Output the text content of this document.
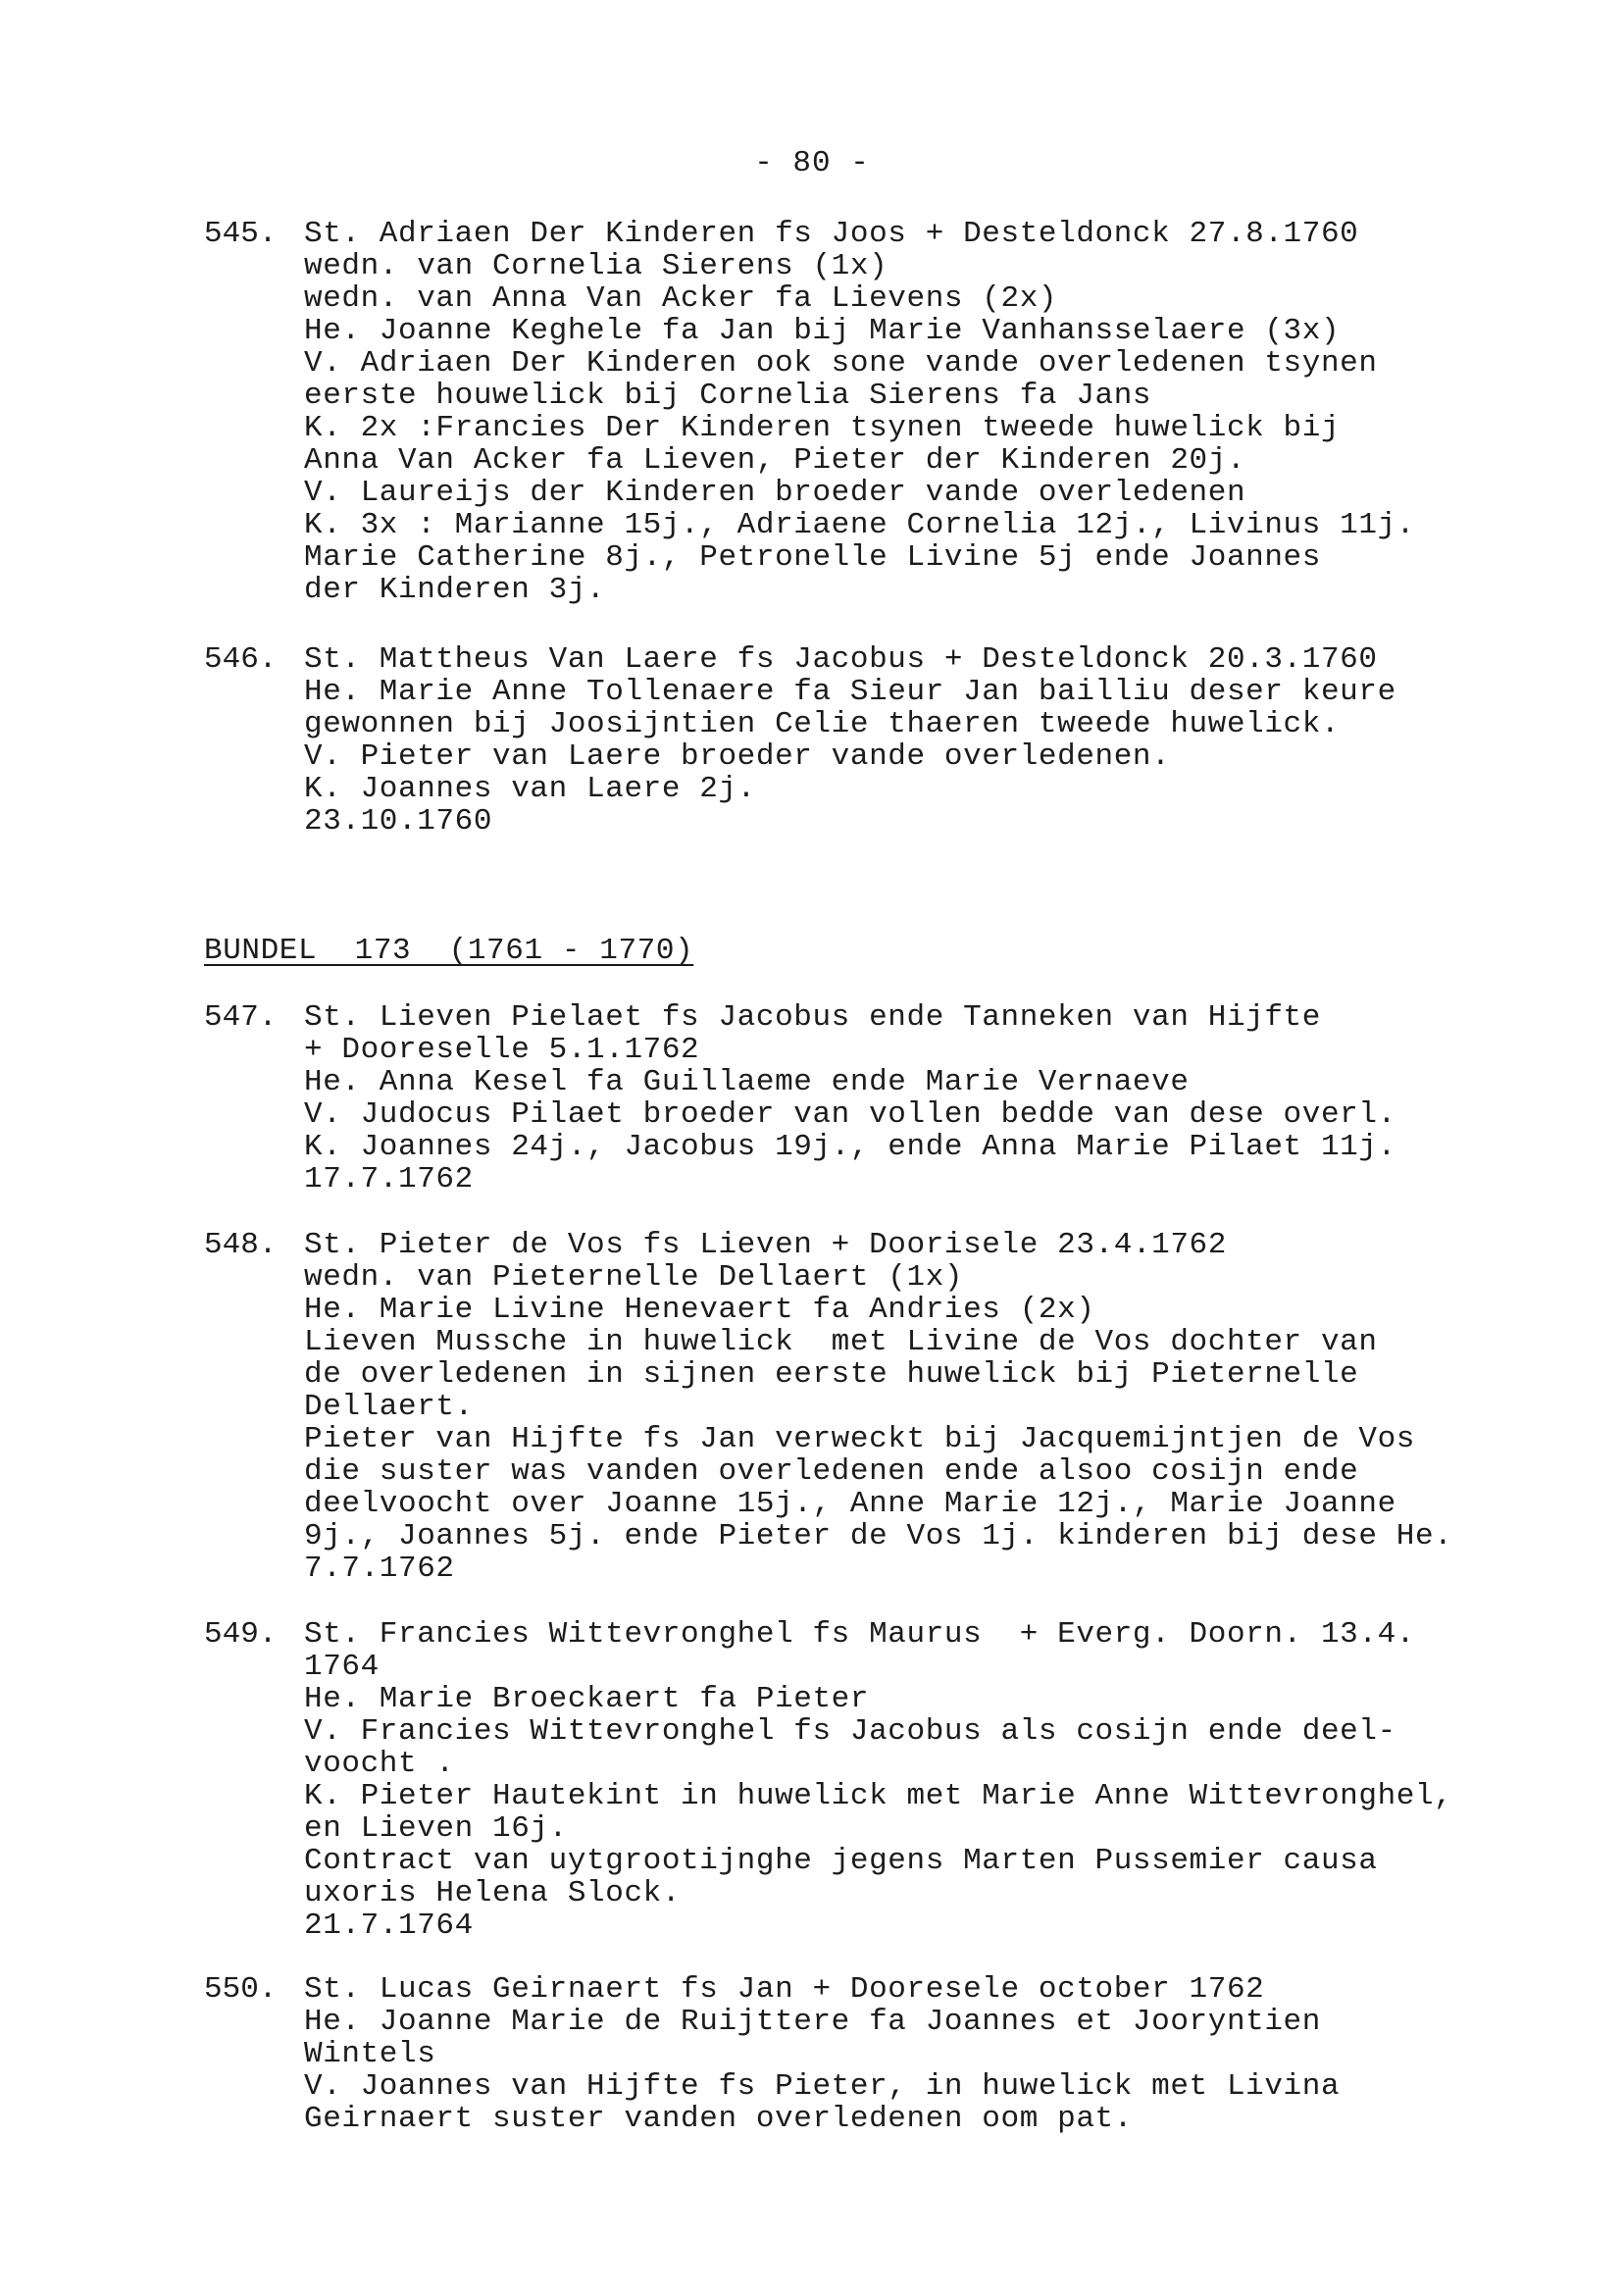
- 80 -
545. St. Adriaen Der Kinderen fs Joos + Desteldonck 27.8.1760
wedn. van Cornelia Sierens (1x)
wedn. van Anna Van Acker fa Lievens (2x)
He. Joanne Keghele fa Jan bij Marie Vanhansselaere (3x)
V. Adriaen Der Kinderen ook sone vande overledenen tsynen
eerste houwelick bij Cornelia Sierens fa Jans
K. 2x :Francies Der Kinderen tsynen tweede huwelick bij
Anna Van Acker fa Lieven, Pieter der Kinderen 20j.
V. Laureijs der Kinderen broeder vande overledenen
K. 3x : Marianne 15j., Adriaene Cornelia 12j., Livinus 11j.
Marie Catherine 8j., Petronelle Livine 5j ende Joannes
der Kinderen 3j.
546. St. Mattheus Van Laere fs Jacobus + Desteldonck 20.3.1760
He. Marie Anne Tollenaere fa Sieur Jan bailliu deser keure
gewonnen bij Joosijntien Celie thaeren tweede huwelick.
V. Pieter van Laere broeder vande overledenen.
K. Joannes van Laere 2j.
23.10.1760
BUNDEL  173  (1761 - 1770)
547. St. Lieven Pielaet fs Jacobus ende Tanneken van Hijfte
+ Dooreselle 5.1.1762
He. Anna Kesel fa Guillaeme ende Marie Vernaeve
V. Judocus Pilaet broeder van vollen bedde van dese overl.
K. Joannes 24j., Jacobus 19j., ende Anna Marie Pilaet 11j.
17.7.1762
548. St. Pieter de Vos fs Lieven + Doorisele 23.4.1762
wedn. van Pieternelle Dellaert (1x)
He. Marie Livine Henevaert fa Andries (2x)
Lieven Mussche in huwelick  met Livine de Vos dochter van
de overledenen in sijnen eerste huwelick bij Pieternelle
Dellaert.
Pieter van Hijfte fs Jan verweckt bij Jacquemijntjen de Vos
die suster was vanden overledenen ende alsoo cosijn ende
deelvoocht over Joanne 15j., Anne Marie 12j., Marie Joanne
9j., Joannes 5j. ende Pieter de Vos 1j. kinderen bij dese He.
7.7.1762
549. St. Francies Wittevronghel fs Maurus  + Everg. Doorn. 13.4.
1764
He. Marie Broeckaert fa Pieter
V. Francies Wittevronghel fs Jacobus als cosijn ende deel-
voocht .
K. Pieter Hautekint in huwelick met Marie Anne Wittevronghel,
en Lieven 16j.
Contract van uytgrootijnghe jegens Marten Pussemier causa
uxoris Helena Slock.
21.7.1764
550. St. Lucas Geirnaert fs Jan + Dooresele october 1762
He. Joanne Marie de Ruijttere fa Joannes et Jooryntien
Wintels
V. Joannes van Hijfte fs Pieter, in huwelick met Livina
Geirnaert suster vanden overledenen oom pat.
